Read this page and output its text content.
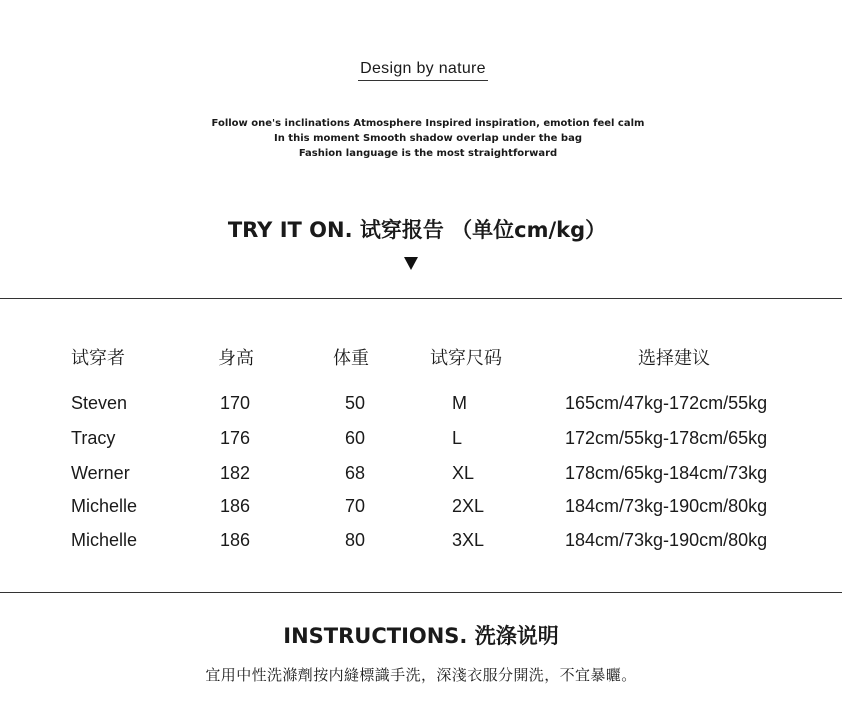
Design by nature
Follow one's inclinations Atmosphere Inspired inspiration, emotion feel calm
In this moment Smooth shadow overlap under the bag
Fashion language is the most straightforward
TRY IT ON. 试穿报告 （单位cm/kg）
试穿者	身高	体重	试穿尺码	选择建议
Steven	170	50	M	165cm/47kg-172cm/55kg
Tracy	176	60	L	172cm/55kg-178cm/65kg
Werner	182	68	XL	178cm/65kg-184cm/73kg
Michelle	186	70	2XL	184cm/73kg-190cm/80kg
Michelle	186	80	3XL	184cm/73kg-190cm/80kg
INSTRUCTIONS. 洗涤说明
宜用中性洗滌劑按内縫標識手洗，深淺衣服分開洗，不宜暴曬。
